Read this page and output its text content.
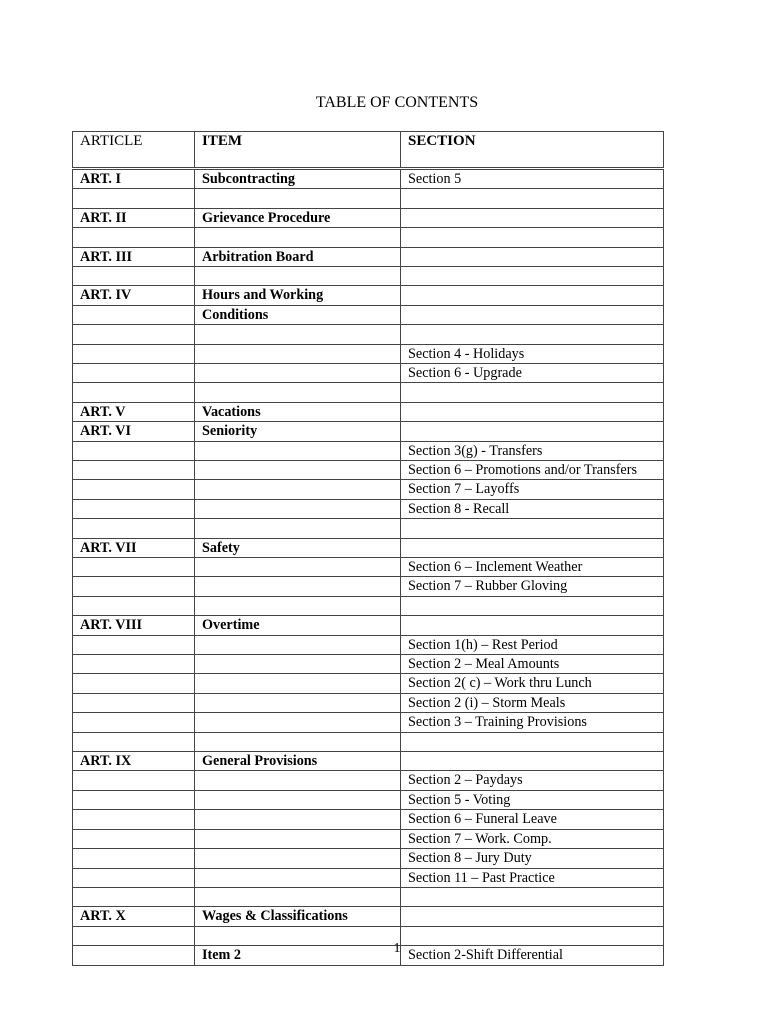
TABLE OF CONTENTS
ARTICLE	ITEM	SECTION
ART. I	Subcontracting	Section 5

ART. II	Grievance Procedure	

ART. III	Arbitration Board	

ART. IV	Hours and Working	
	Conditions	

		Section 4 - Holidays
		Section 6 - Upgrade

ART. V	Vacations	
ART. VI	Seniority	
		Section 3(g) - Transfers
		Section 6 – Promotions and/or Transfers
		Section 7 – Layoffs
		Section 8 - Recall

ART. VII	Safety	
		Section 6 – Inclement Weather
		Section 7 – Rubber Gloving

ART. VIII	Overtime	
		Section 1(h) – Rest Period
		Section 2 – Meal Amounts
		Section 2( c) – Work thru Lunch
		Section 2 (i) – Storm Meals
		Section 3 – Training Provisions

ART. IX	General Provisions	
		Section 2 – Paydays
		Section 5 - Voting
		Section 6 – Funeral Leave
		Section 7 – Work. Comp.
		Section 8 – Jury Duty
		Section 11 – Past Practice

ART. X	Wages & Classifications	

	Item 2	Section 2-Shift Differential
1
